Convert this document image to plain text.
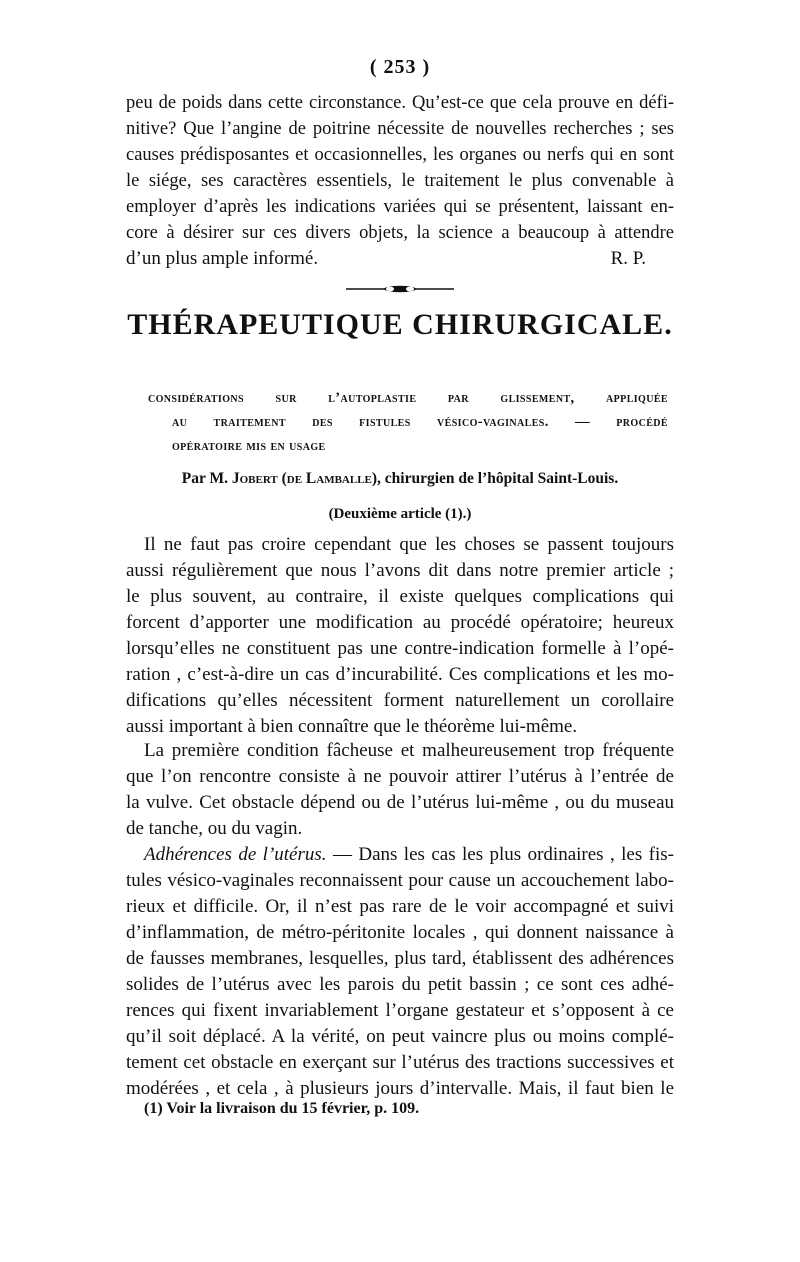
( 253 )
peu de poids dans cette circonstance. Qu’est-ce que cela prouve en défi-
nitive? Que l’angine de poitrine nécessite de nouvelles recherches ; ses
causes prédisposantes et occasionnelles, les organes ou nerfs qui en sont
le siége, ses caractères essentiels, le traitement le plus convenable à
employer d’après les indications variées qui se présentent, laissant en-
core à désirer sur ces divers objets, la science a beaucoup à attendre
d’un plus ample informé.	R. P.
THÉRAPEUTIQUE CHIRURGICALE.
considérations sur l’autoplastie par glissement, appliquée
au traitement des fistules vésico-vaginales. — procédé
opératoire mis en usage
Par M. Jobert (de Lamballe), chirurgien de l’hôpital Saint-Louis.
(Deuxième article (1).)
Il ne faut pas croire cependant que les choses se passent toujours
aussi régulièrement que nous l’avons dit dans notre premier article ;
le plus souvent, au contraire, il existe quelques complications qui
forcent d’apporter une modification au procédé opératoire; heureux
lorsqu’elles ne constituent pas une contre-indication formelle à l’opé-
ration , c’est-à-dire un cas d’incurabilité. Ces complications et les mo-
difications qu’elles nécessitent forment naturellement un corollaire
aussi important à bien connaître que le théorème lui-même.
La première condition fâcheuse et malheureusement trop fréquente
que l’on rencontre consiste à ne pouvoir attirer l’utérus à l’entrée de
la vulve. Cet obstacle dépend ou de l’utérus lui-même , ou du museau
de tanche, ou du vagin.
Adhérences de l’utérus. — Dans les cas les plus ordinaires , les fis-
tules vésico-vaginales reconnaissent pour cause un accouchement labo-
rieux et difficile. Or, il n’est pas rare de le voir accompagné et suivi
d’inflammation, de métro-péritonite locales , qui donnent naissance à
de fausses membranes, lesquelles, plus tard, établissent des adhérences
solides de l’utérus avec les parois du petit bassin ; ce sont ces adhé-
rences qui fixent invariablement l’organe gestateur et s’opposent à ce
qu’il soit déplacé. A la vérité, on peut vaincre plus ou moins complé-
tement cet obstacle en exerçant sur l’utérus des tractions successives et
modérées , et cela , à plusieurs jours d’intervalle. Mais, il faut bien le
(1) Voir la livraison du 15 février, p. 109.
